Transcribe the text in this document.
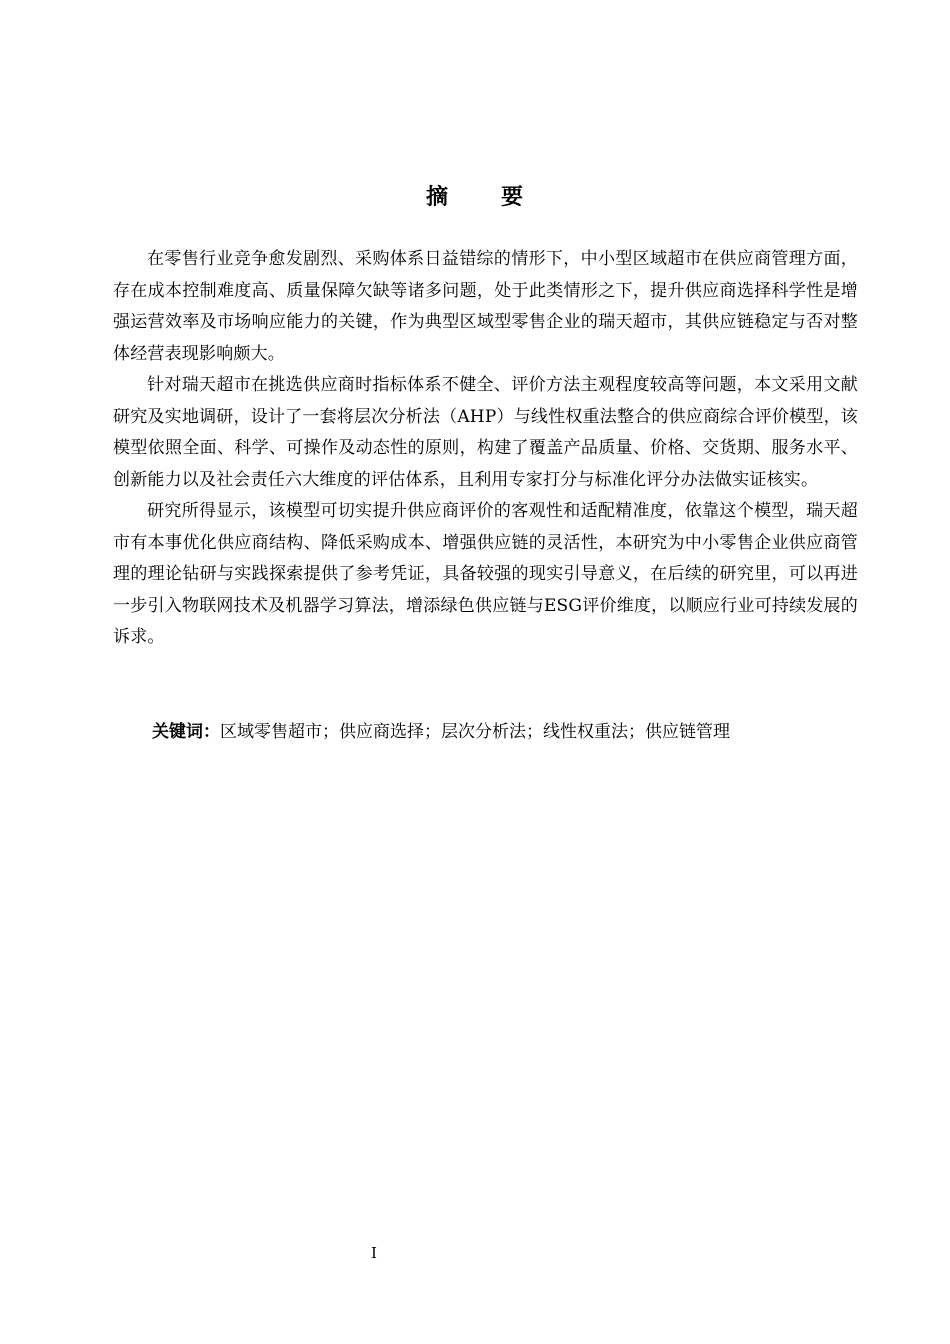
摘 要

在零售行业竞争愈发剧烈、采购体系日益错综的情形下，中小型区域超市在供应商管理方面，存在成本控制难度高、质量保障欠缺等诸多问题，处于此类情形之下，提升供应商选择科学性是增强运营效率及市场响应能力的关键，作为典型区域型零售企业的瑞天超市，其供应链稳定与否对整体经营表现影响颇大。

针对瑞天超市在挑选供应商时指标体系不健全、评价方法主观程度较高等问题，本文采用文献研究及实地调研，设计了一套将层次分析法（AHP）与线性权重法整合的供应商综合评价模型，该模型依照全面、科学、可操作及动态性的原则，构建了覆盖产品质量、价格、交货期、服务水平、创新能力以及社会责任六大维度的评估体系，且利用专家打分与标准化评分办法做实证核实。

研究所得显示，该模型可切实提升供应商评价的客观性和适配精准度，依靠这个模型，瑞天超市有本事优化供应商结构、降低采购成本、增强供应链的灵活性，本研究为中小零售企业供应商管理的理论钻研与实践探索提供了参考凭证，具备较强的现实引导意义，在后续的研究里，可以再进一步引入物联网技术及机器学习算法，增添绿色供应链与ESG评价维度，以顺应行业可持续发展的诉求。

关键词：区域零售超市；供应商选择；层次分析法；线性权重法；供应链管理
I
